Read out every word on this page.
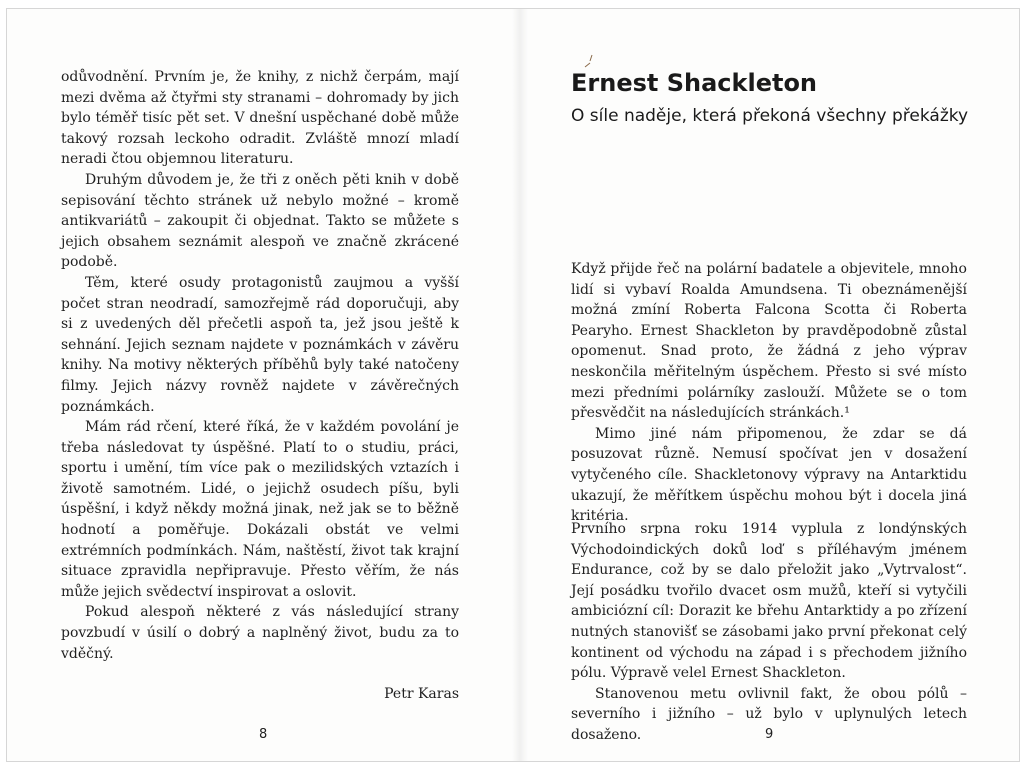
odůvodnění. Prvním je, že knihy, z nichž čerpám, mají mezi dvěma až čtyřmi sty stranami – dohromady by jich bylo téměř tisíc pět set. V dnešní uspěchané době může takový rozsah leckoho odradit. Zvláště mnozí mladí neradi čtou objemnou literaturu.

Druhým důvodem je, že tři z oněch pěti knih v době sepisování těchto stránek už nebylo možné – kromě antikvariátů – zakoupit či objednat. Takto se můžete s jejich obsahem seznámit alespoň ve značně zkrácené podobě.

Těm, které osudy protagonistů zaujmou a vyšší počet stran neodradí, samozřejmě rád doporučuji, aby si z uvedených děl přečetli aspoň ta, jež jsou ještě k sehnání. Jejich seznam najdete v poznámkách v závěru knihy. Na motivy některých příběhů byly také natočeny filmy. Jejich názvy rovněž najdete v závěrečných poznámkách.

Mám rád rčení, které říká, že v každém povolání je třeba následovat ty úspěšné. Platí to o studiu, práci, sportu i umění, tím více pak o mezilidských vztazích i životě samotném. Lidé, o jejichž osudech píšu, byli úspěšní, i když někdy možná jinak, než jak se to běžně hodnotí a poměřuje. Dokázali obstát ve velmi extrémních podmínkách. Nám, naštěstí, život tak krajní situace zpravidla nepřipravuje. Přesto věřím, že nás může jejich svědectví inspirovat a oslovit.

Pokud alespoň některé z vás následující strany povzbudí v úsilí o dobrý a naplněný život, budu za to vděčný.

Petr Karas

8
Ernest Shackleton
O síle naděje, která překoná všechny překážky

Když přijde řeč na polární badatele a objevitele, mnoho lidí si vybaví Roalda Amundsena. Ti obeznámenější možná zmíní Roberta Falcona Scotta či Roberta Pearyho. Ernest Shackleton by pravděpodobně zůstal opomenut. Snad proto, že žádná z jeho výprav neskončila měřitelným úspěchem. Přesto si své místo mezi předními polárníky zaslouží. Můžete se o tom přesvědčit na následujících stránkách.¹

Mimo jiné nám připomenou, že zdar se dá posuzovat různě. Nemusí spočívat jen v dosažení vytyčeného cíle. Shackletonovy výpravy na Antarktidu ukazují, že měřítkem úspěchu mohou být i docela jiná kritéria.

Prvního srpna roku 1914 vyplula z londýnských Východoindických doků loď s příléhavým jménem Endurance, což by se dalo přeložit jako „Vytrvalost“. Její posádku tvořilo dvacet osm mužů, kteří si vytyčili ambiciózní cíl: Dorazit ke břehu Antarktidy a po zřízení nutných stanovišť se zásobami jako první překonat celý kontinent od východu na západ i s přechodem jižního pólu. Výpravě velel Ernest Shackleton.

Stanovenou metu ovlivnil fakt, že obou pólů – severního i jižního – už bylo v uplynulých letech dosaženo.	9
